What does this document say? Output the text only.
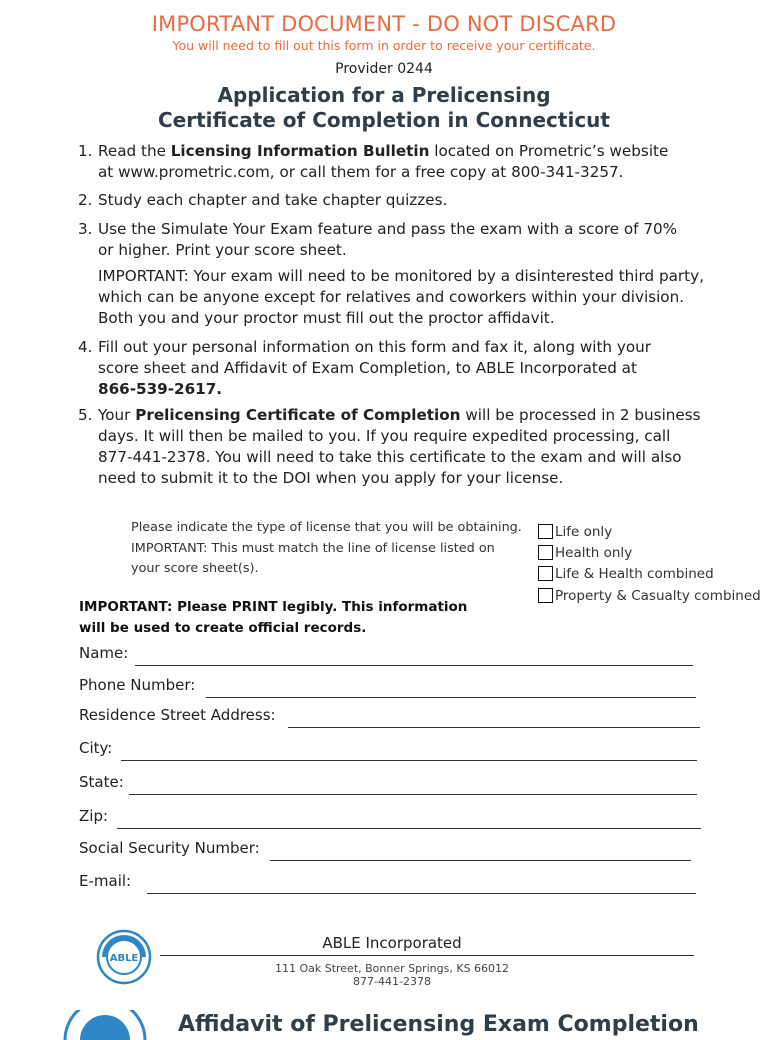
IMPORTANT DOCUMENT - DO NOT DISCARD
You will need to fill out this form in order to receive your certificate.
Provider 0244
Application for a Prelicensing
Certificate of Completion in Connecticut
1. Read the Licensing Information Bulletin located on Prometric’s website
at www.prometric.com, or call them for a free copy at 800-341-3257.
2. Study each chapter and take chapter quizzes.
3. Use the Simulate Your Exam feature and pass the exam with a score of 70%
or higher. Print your score sheet.
IMPORTANT: Your exam will need to be monitored by a disinterested third party,
which can be anyone except for relatives and coworkers within your division.
Both you and your proctor must fill out the proctor affidavit.
4. Fill out your personal information on this form and fax it, along with your
score sheet and Affidavit of Exam Completion, to ABLE Incorporated at
866-539-2617.
5. Your Prelicensing Certificate of Completion will be processed in 2 business
days. It will then be mailed to you. If you require expedited processing, call
877-441-2378. You will need to take this certificate to the exam and will also
need to submit it to the DOI when you apply for your license.
Please indicate the type of license that you will be obtaining.
IMPORTANT: This must match the line of license listed on
your score sheet(s).
Life only
Health only
Life & Health combined
Property & Casualty combined
IMPORTANT: Please PRINT legibly. This information
will be used to create official records.
Name:
Phone Number:
Residence Street Address:
City:
State:
Zip:
Social Security Number:
E-mail:
ABLE
ABLE Incorporated
111 Oak Street, Bonner Springs, KS 66012
877-441-2378
Affidavit of Prelicensing Exam Completion
